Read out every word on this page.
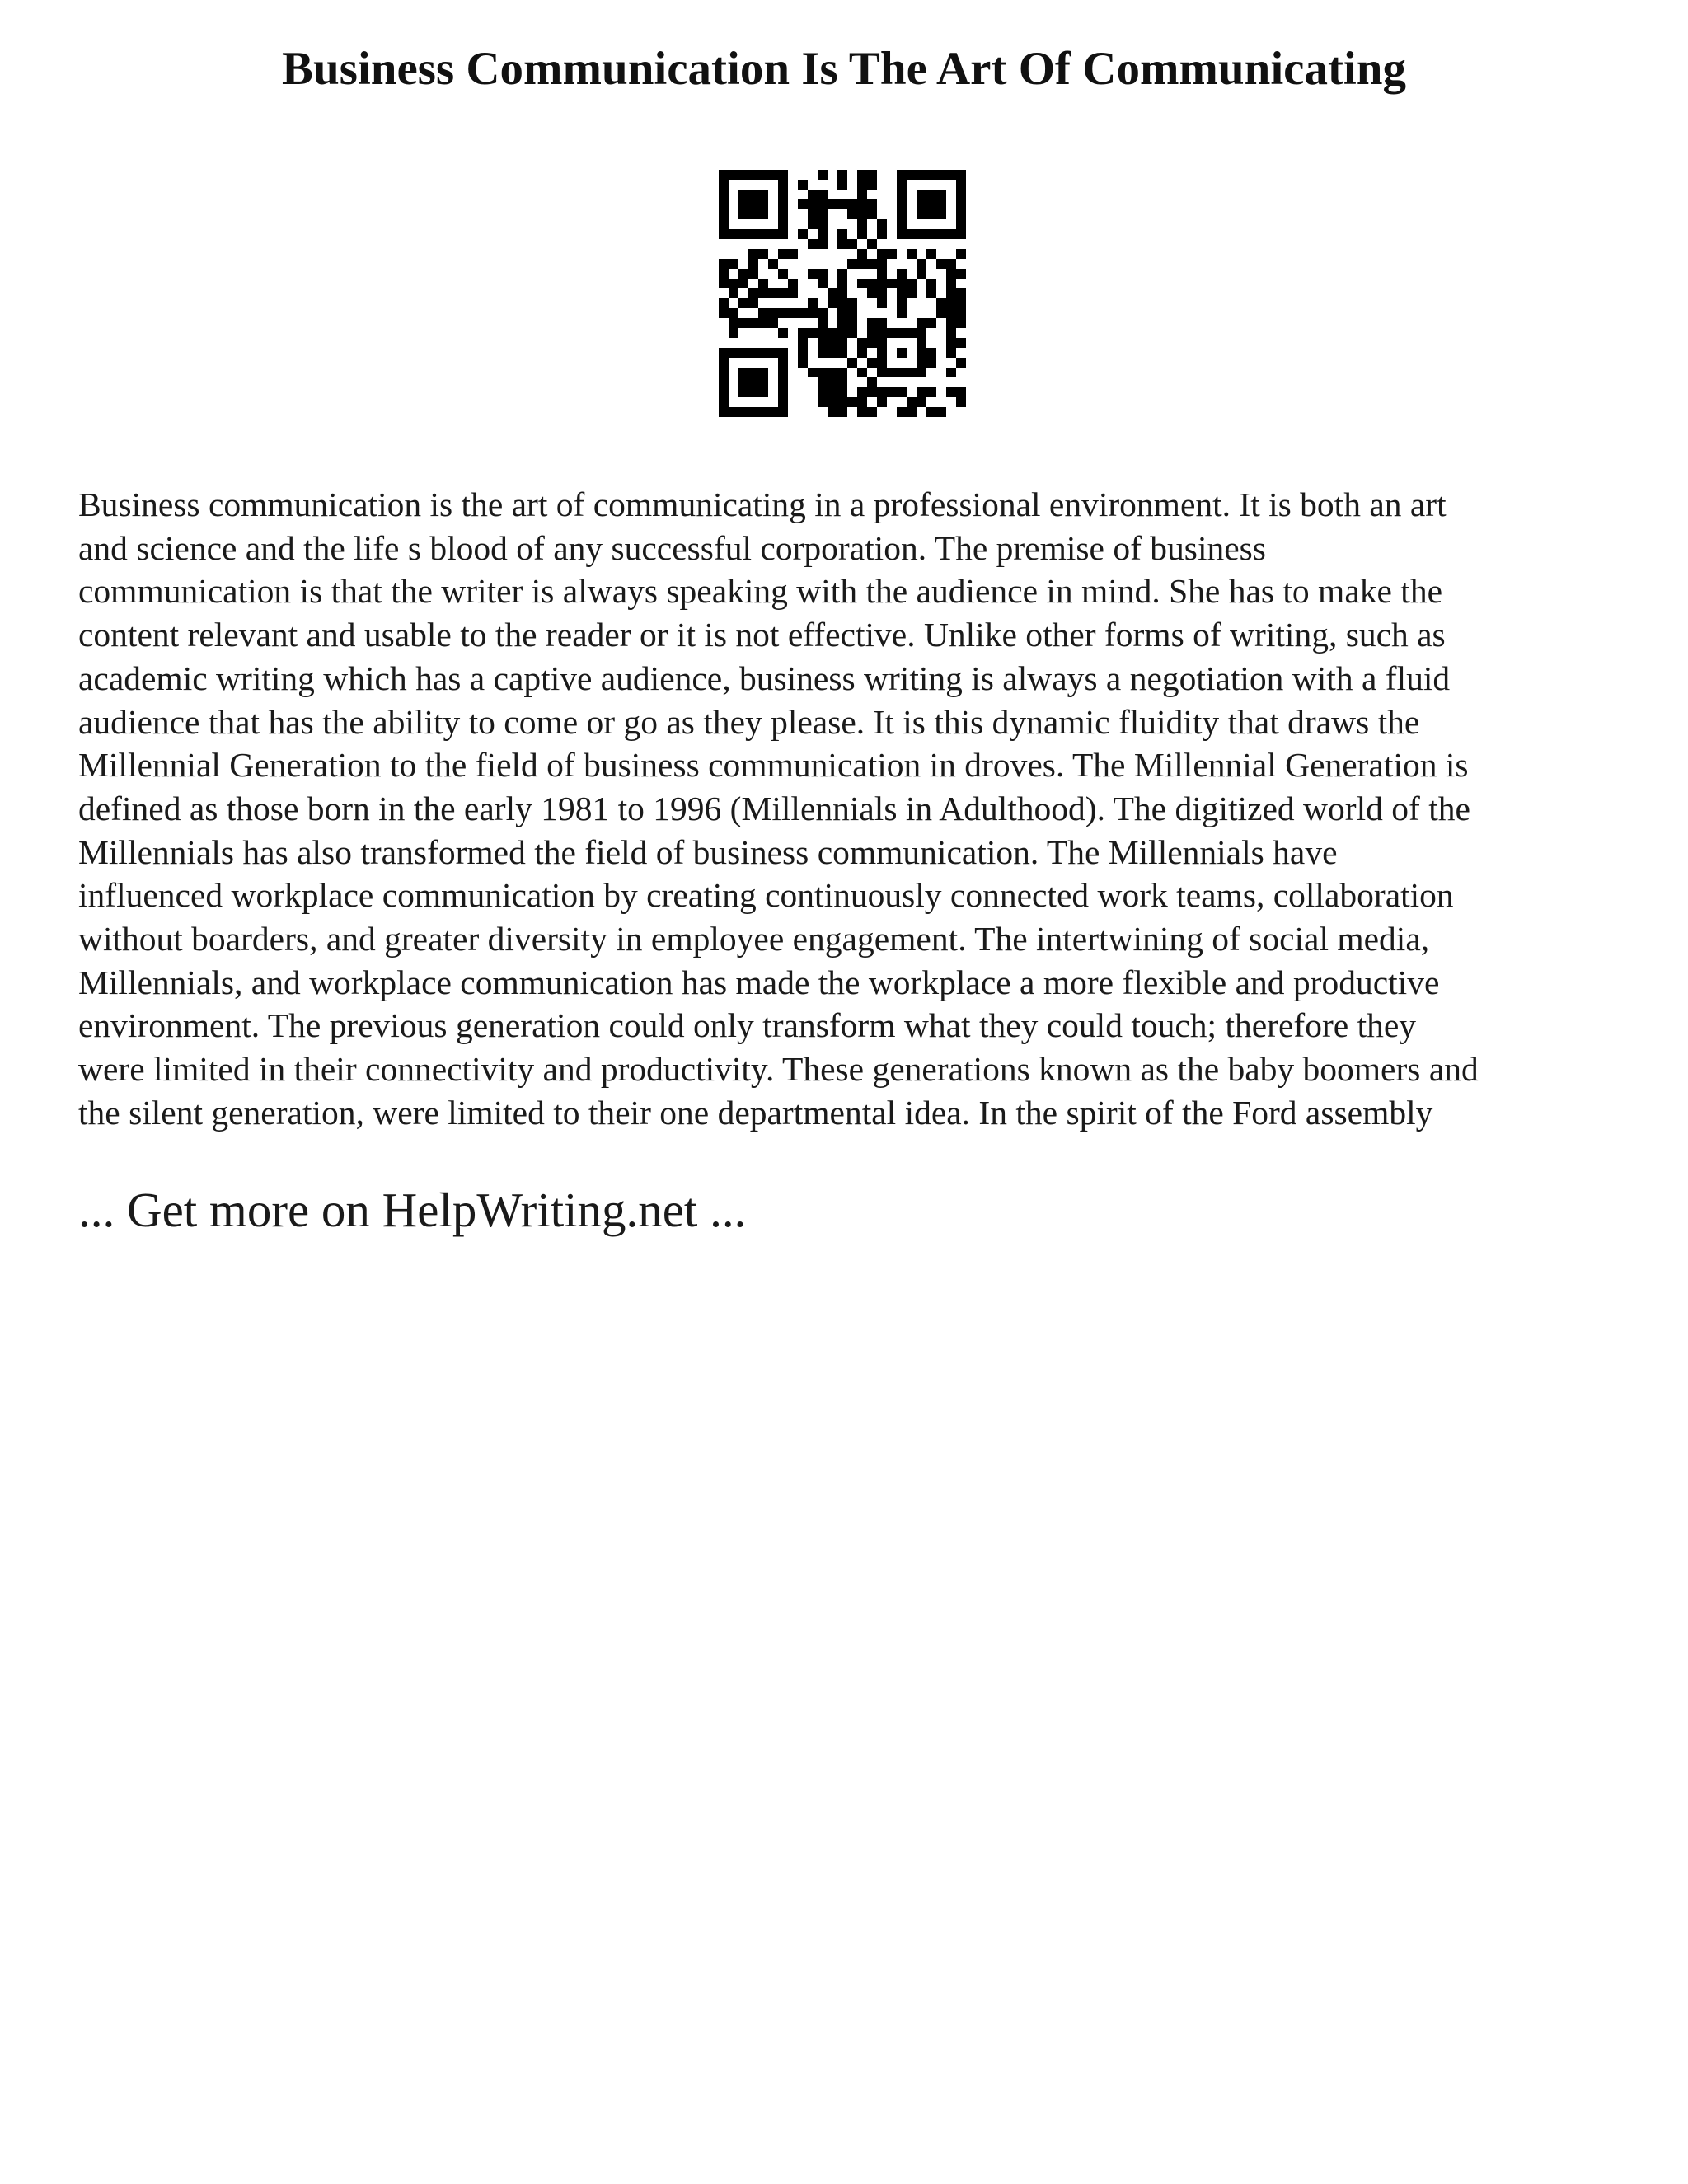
Business Communication Is The Art Of Communicating

Business communication is the art of communicating in a professional environment. It is both an art
and science and the life s blood of any successful corporation. The premise of business
communication is that the writer is always speaking with the audience in mind. She has to make the
content relevant and usable to the reader or it is not effective. Unlike other forms of writing, such as
academic writing which has a captive audience, business writing is always a negotiation with a fluid
audience that has the ability to come or go as they please. It is this dynamic fluidity that draws the
Millennial Generation to the field of business communication in droves. The Millennial Generation is
defined as those born in the early 1981 to 1996 (Millennials in Adulthood). The digitized world of the
Millennials has also transformed the field of business communication. The Millennials have
influenced workplace communication by creating continuously connected work teams, collaboration
without boarders, and greater diversity in employee engagement. The intertwining of social media,
Millennials, and workplace communication has made the workplace a more flexible and productive
environment. The previous generation could only transform what they could touch; therefore they
were limited in their connectivity and productivity. These generations known as the baby boomers and
the silent generation, were limited to their one departmental idea. In the spirit of the Ford assembly

... Get more on HelpWriting.net ...
